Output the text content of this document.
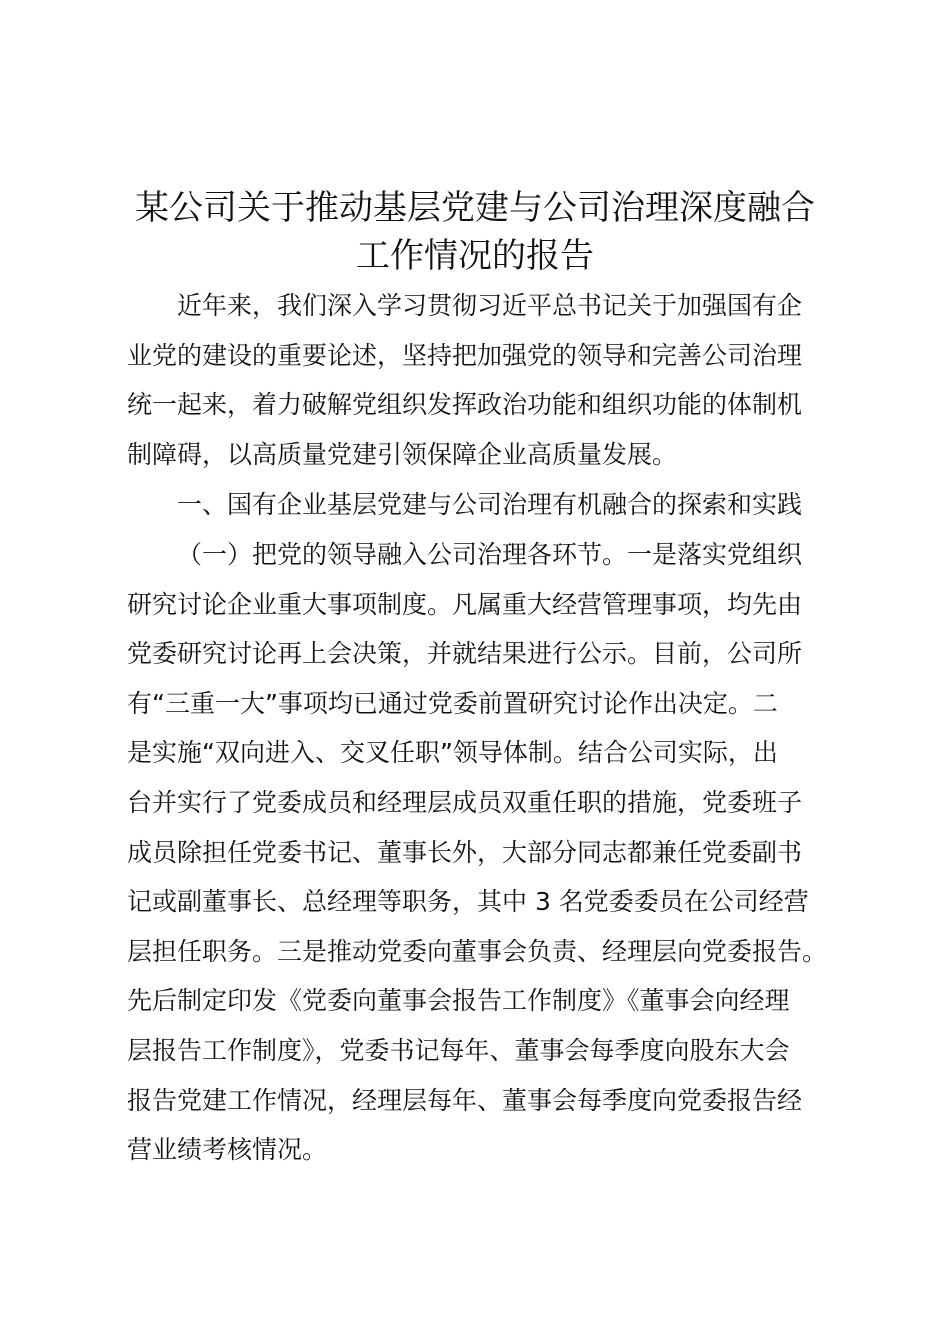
某公司关于推动基层党建与公司治理深度融合
工作情况的报告
近年来，我们深入学习贯彻习近平总书记关于加强国有企
业党的建设的重要论述，坚持把加强党的领导和完善公司治理
统一起来，着力破解党组织发挥政治功能和组织功能的体制机
制障碍，以高质量党建引领保障企业高质量发展。
一、国有企业基层党建与公司治理有机融合的探索和实践
（一）把党的领导融入公司治理各环节。一是落实党组织
研究讨论企业重大事项制度。凡属重大经营管理事项，均先由
党委研究讨论再上会决策，并就结果进行公示。目前，公司所
有“三重一大”事项均已通过党委前置研究讨论作出决定。二
是实施“双向进入、交叉任职”领导体制。结合公司实际，出
台并实行了党委成员和经理层成员双重任职的措施，党委班子
成员除担任党委书记、董事长外，大部分同志都兼任党委副书
记或副董事长、总经理等职务，其中 3 名党委委员在公司经营
层担任职务。三是推动党委向董事会负责、经理层向党委报告。
先后制定印发《党委向董事会报告工作制度》《董事会向经理
层报告工作制度》，党委书记每年、董事会每季度向股东大会
报告党建工作情况，经理层每年、董事会每季度向党委报告经
营业绩考核情况。
